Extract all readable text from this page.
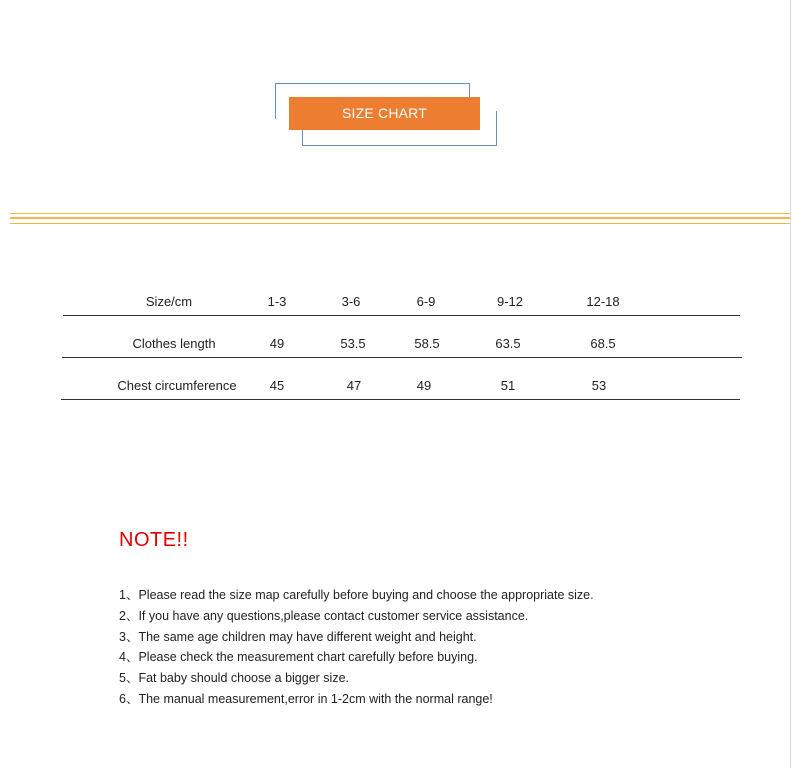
SIZE CHART
Size/cm	1-3	3-6	6-9	9-12	12-18
Clothes length	49	53.5	58.5	63.5	68.5
Chest circumference	45	47	49	51	53
NOTE!!
1、Please read the size map carefully before buying and choose the appropriate size.
2、If you have any questions,please contact customer service assistance.
3、The same age children may have different weight and height.
4、Please check the measurement chart carefully before buying.
5、Fat baby should choose a bigger size.
6、The manual measurement,error in 1-2cm with the normal range!
